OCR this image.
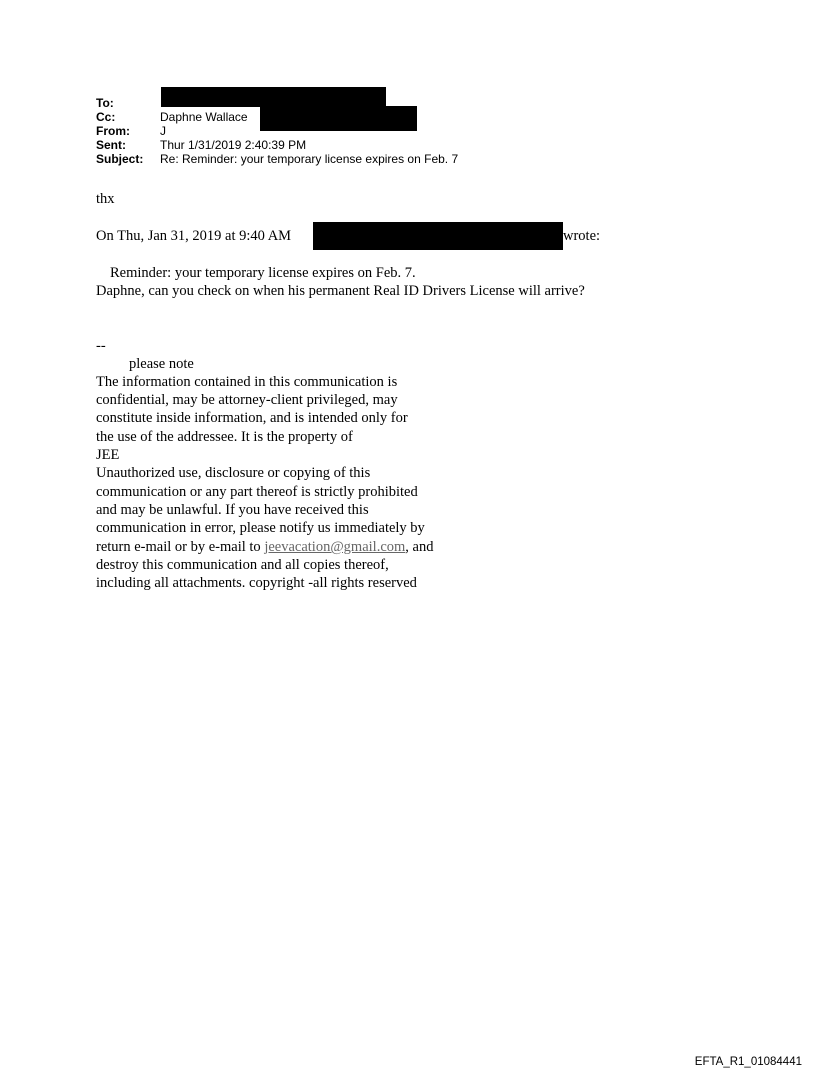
To:
Cc:	Daphne Wallace
From:	J
Sent:	Thur 1/31/2019 2:40:39 PM
Subject: Re: Reminder: your temporary license expires on Feb. 7
thx
On Thu, Jan 31, 2019 at 9:40 AM	wrote:
Reminder: your temporary license expires on Feb. 7.
Daphne, can you check on when his permanent Real ID Drivers License will arrive?
--
please note
The information contained in this communication is
confidential, may be attorney-client privileged, may
constitute inside information, and is intended only for
the use of the addressee. It is the property of
JEE
Unauthorized use, disclosure or copying of this
communication or any part thereof is strictly prohibited
and may be unlawful. If you have received this
communication in error, please notify us immediately by
return e-mail or by e-mail to jeevacation@gmail.com, and
destroy this communication and all copies thereof,
including all attachments. copyright -all rights reserved
EFTA_R1_01084441
